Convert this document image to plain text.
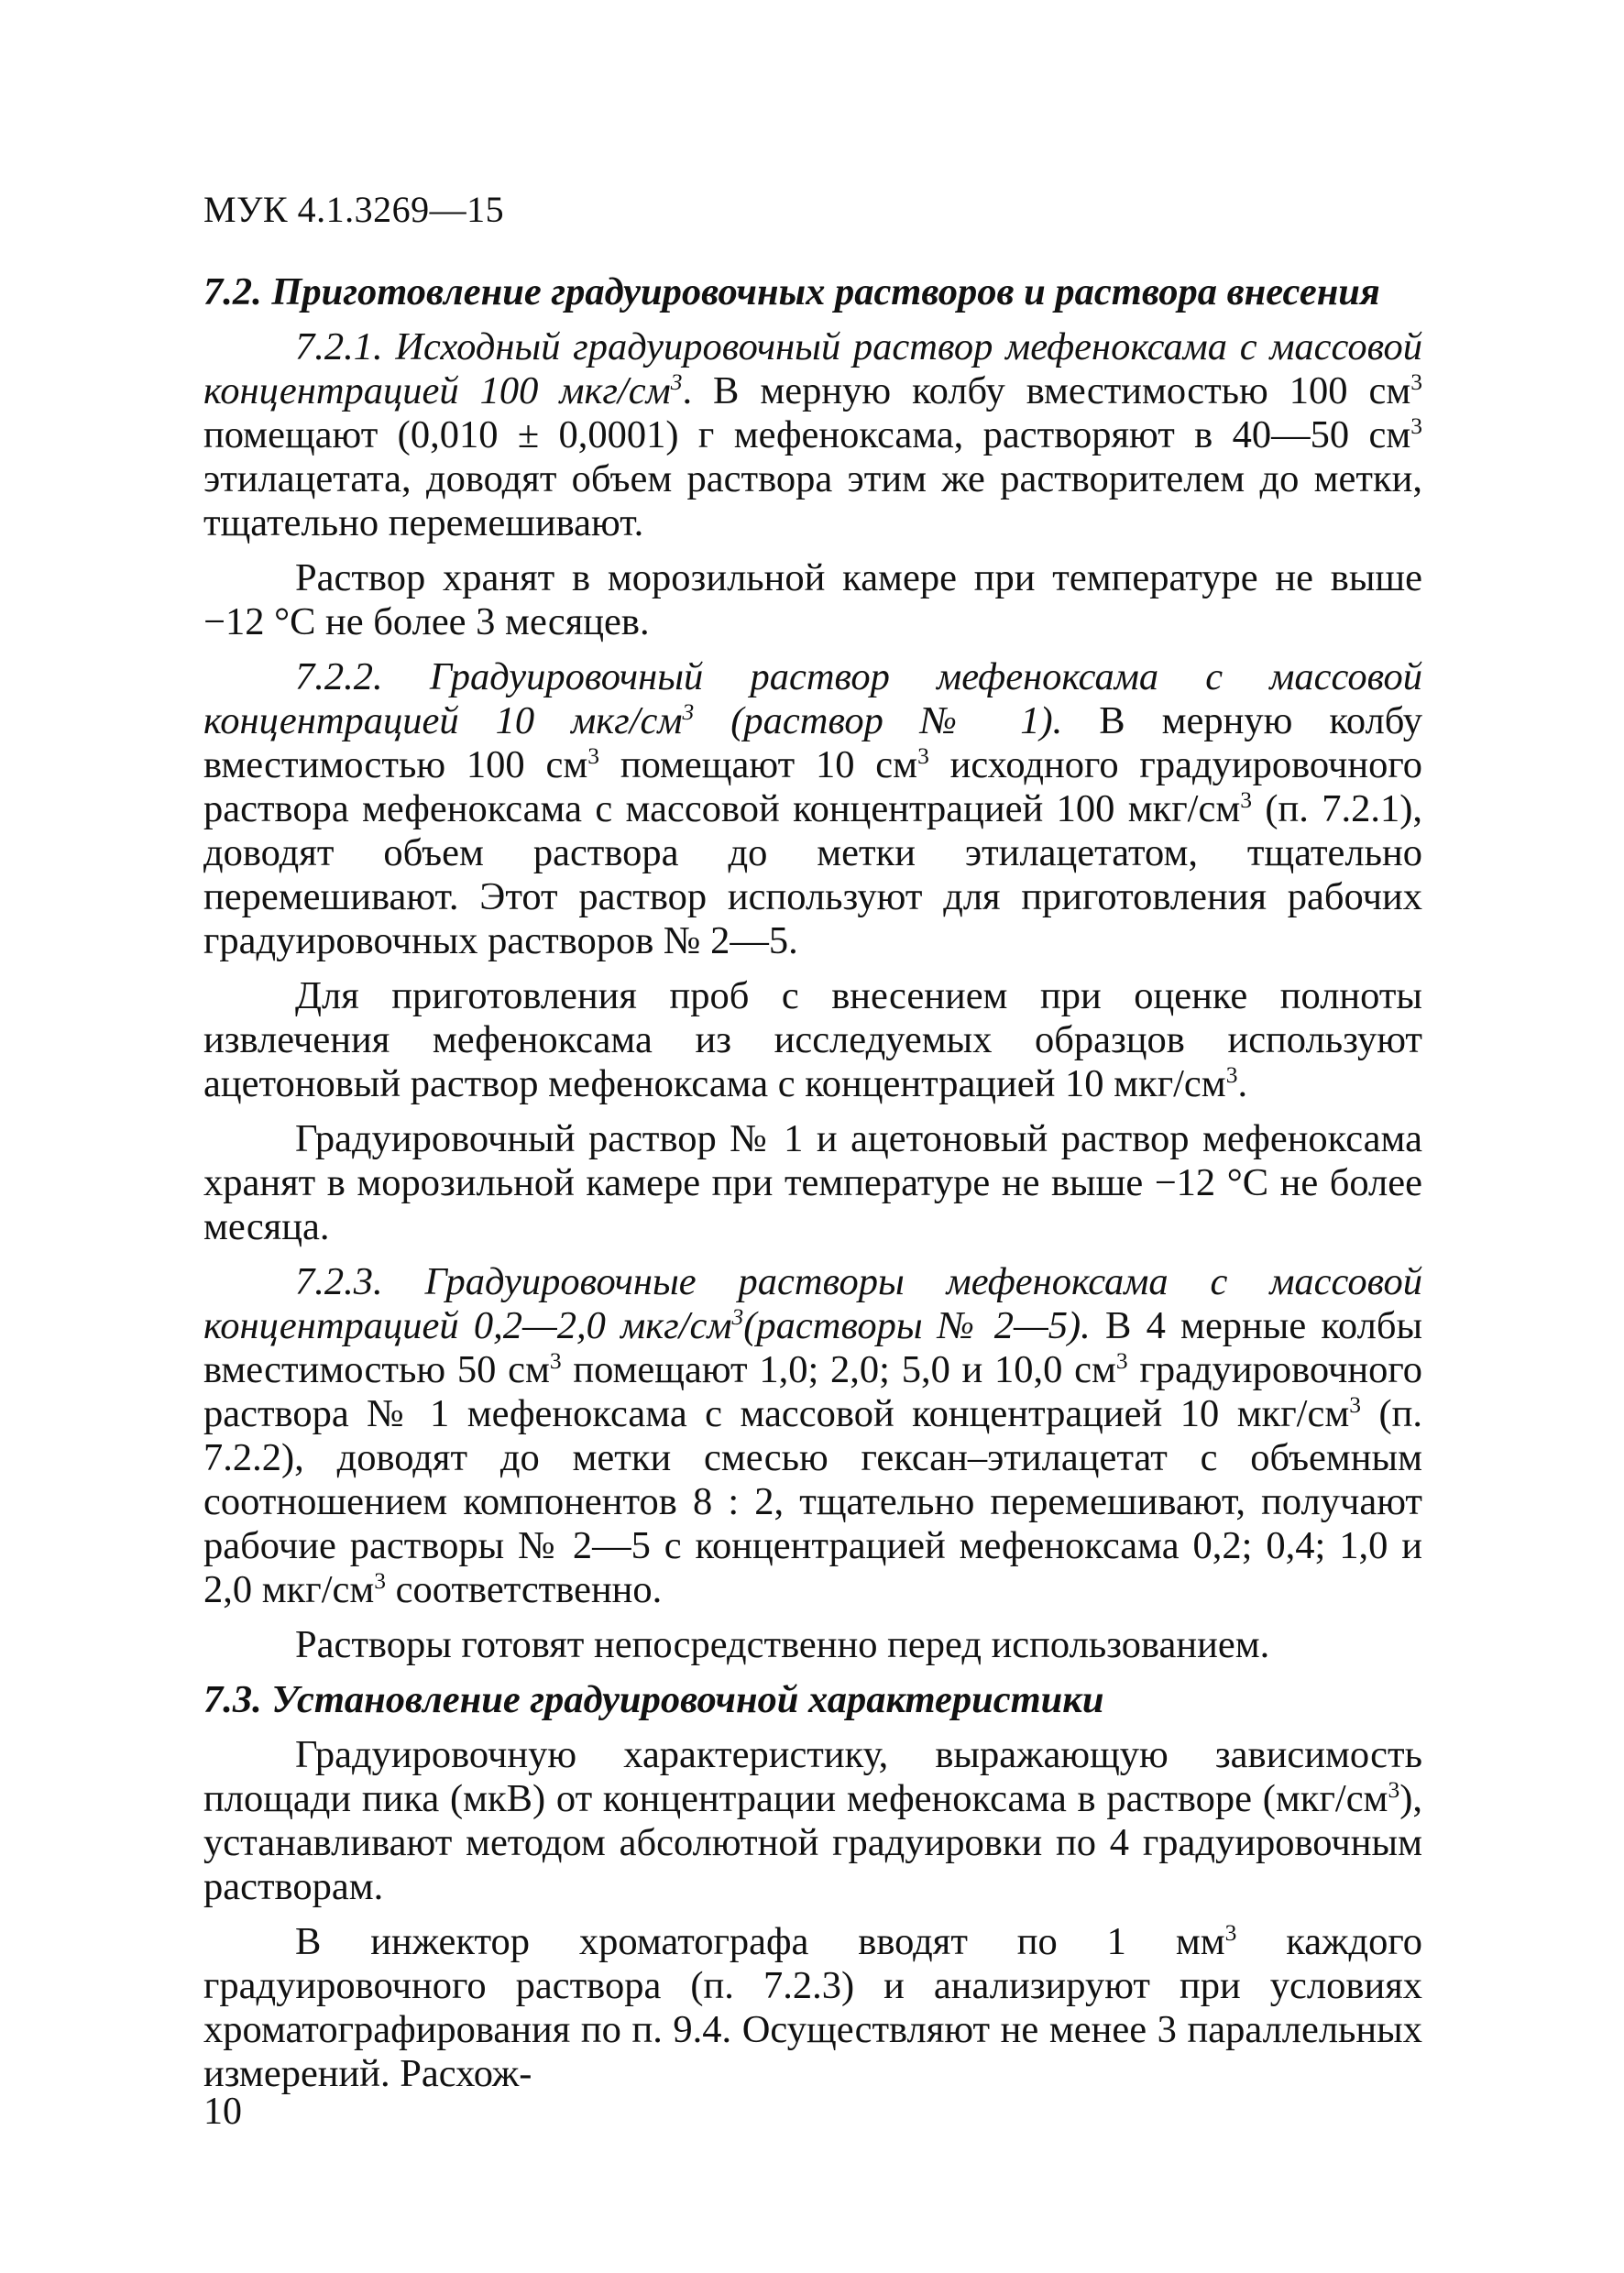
МУК 4.1.3269—15

7.2. Приготовление градуировочных растворов и раствора внесения

7.2.1. Исходный градуировочный раствор мефеноксама с массовой концентрацией 100 мкг/$см^3$. В мерную колбу вместимостью 100 $см^3$ помещают (0,010 ± 0,0001) г мефеноксама, растворяют в 40—50 $см^3$ этилацетата, доводят объем раствора этим же растворителем до метки, тщательно перемешивают.

Раствор хранят в морозильной камере при температуре не выше −12 °С не более 3 месяцев.

7.2.2. Градуировочный раствор мефеноксама с массовой концентрацией 10 мкг/$см^3$ (раствор № 1). В мерную колбу вместимостью 100 $см^3$ помещают 10 $см^3$ исходного градуировочного раствора мефеноксама с массовой концентрацией 100 мкг/$см^3$ (п. 7.2.1), доводят объем раствора до метки этилацетатом, тщательно перемешивают. Этот раствор используют для приготовления рабочих градуировочных растворов № 2—5.

Для приготовления проб с внесением при оценке полноты извлечения мефеноксама из исследуемых образцов используют ацетоновый раствор мефеноксама с концентрацией 10 мкг/$см^3$.

Градуировочный раствор № 1 и ацетоновый раствор мефеноксама хранят в морозильной камере при температуре не выше −12 °С не более месяца.

7.2.3. Градуировочные растворы мефеноксама с массовой концентрацией 0,2—2,0 мкг/$см^3(растворы$ № 2—5). В 4 мерные колбы вместимостью 50 $см^3$ помещают 1,0; 2,0; 5,0 и 10,0 $см^3$ градуировочного раствора № 1 мефеноксама с массовой концентрацией 10 мкг/$см^3$ (п. 7.2.2), доводят до метки смесью гексан–этилацетат с объемным соотношением компонентов 8 : 2, тщательно перемешивают, получают рабочие растворы № 2—5 с концентрацией мефеноксама 0,2; 0,4; 1,0 и 2,0 мкг/$см^3$ соответственно.

Растворы готовят непосредственно перед использованием.

7.3. Установление градуировочной характеристики

Градуировочную характеристику, выражающую зависимость площади пика (мкВ) от концентрации мефеноксама в растворе $(мкг/см^3)$, устанавливают методом абсолютной градуировки по 4 градуировочным растворам.

В инжектор хроматографа вводят по 1 $мм^3$ каждого градуировочного раствора (п. 7.2.3) и анализируют при условиях хроматографирования по п. 9.4. Осуществляют не менее 3 параллельных измерений. Расхож-

10
